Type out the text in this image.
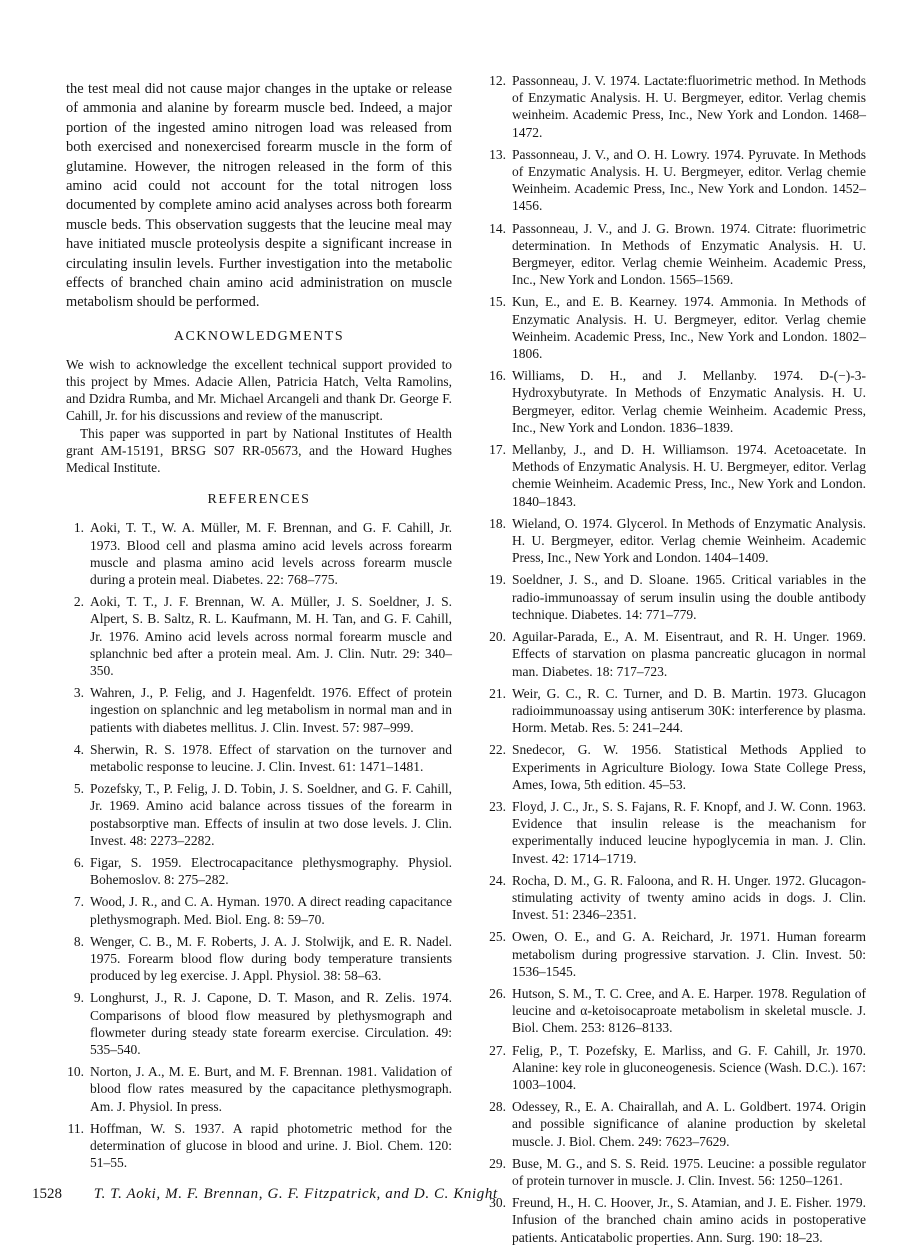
the test meal did not cause major changes in the uptake or release of ammonia and alanine by forearm muscle bed. Indeed, a major portion of the ingested amino nitrogen load was released from both exercised and nonexercised forearm muscle in the form of glutamine. However, the nitrogen released in the form of this amino acid could not account for the total nitrogen loss documented by complete amino acid analyses across both forearm muscle beds. This observation suggests that the leucine meal may have initiated muscle proteolysis despite a significant increase in circulating insulin levels. Further investigation into the metabolic effects of branched chain amino acid administration on muscle metabolism should be performed.

ACKNOWLEDGMENTS

We wish to acknowledge the excellent technical support provided to this project by Mmes. Adacie Allen, Patricia Hatch, Velta Ramolins, and Dzidra Rumba, and Mr. Michael Arcangeli and thank Dr. George F. Cahill, Jr. for his discussions and review of the manuscript.

This paper was supported in part by National Institutes of Health grant AM-15191, BRSG S07 RR-05673, and the Howard Hughes Medical Institute.

REFERENCES
1. Aoki, T. T., W. A. Müller, M. F. Brennan, and G. F. Cahill, Jr. 1973. Blood cell and plasma amino acid levels across forearm muscle and plasma amino acid levels across forearm muscle during a protein meal. Diabetes. 22: 768–775.
2. Aoki, T. T., J. F. Brennan, W. A. Müller, J. S. Soeldner, J. S. Alpert, S. B. Saltz, R. L. Kaufmann, M. H. Tan, and G. F. Cahill, Jr. 1976. Amino acid levels across normal forearm muscle and splanchnic bed after a protein meal. Am. J. Clin. Nutr. 29: 340–350.
3. Wahren, J., P. Felig, and J. Hagenfeldt. 1976. Effect of protein ingestion on splanchnic and leg metabolism in normal man and in patients with diabetes mellitus. J. Clin. Invest. 57: 987–999.
4. Sherwin, R. S. 1978. Effect of starvation on the turnover and metabolic response to leucine. J. Clin. Invest. 61: 1471–1481.
5. Pozefsky, T., P. Felig, J. D. Tobin, J. S. Soeldner, and G. F. Cahill, Jr. 1969. Amino acid balance across tissues of the forearm in postabsorptive man. Effects of insulin at two dose levels. J. Clin. Invest. 48: 2273–2282.
6. Figar, S. 1959. Electrocapacitance plethysmography. Physiol. Bohemoslov. 8: 275–282.
7. Wood, J. R., and C. A. Hyman. 1970. A direct reading capacitance plethysmograph. Med. Biol. Eng. 8: 59–70.
8. Wenger, C. B., M. F. Roberts, J. A. J. Stolwijk, and E. R. Nadel. 1975. Forearm blood flow during body temperature transients produced by leg exercise. J. Appl. Physiol. 38: 58–63.
9. Longhurst, J., R. J. Capone, D. T. Mason, and R. Zelis. 1974. Comparisons of blood flow measured by plethysmograph and flowmeter during steady state forearm exercise. Circulation. 49: 535–540.
10. Norton, J. A., M. E. Burt, and M. F. Brennan. 1981. Validation of blood flow rates measured by the capacitance plethysmograph. Am. J. Physiol. In press.
11. Hoffman, W. S. 1937. A rapid photometric method for the determination of glucose in blood and urine. J. Biol. Chem. 120: 51–55.
12. Passonneau, J. V. 1974. Lactate:fluorimetric method. In Methods of Enzymatic Analysis. H. U. Bergmeyer, editor. Verlag chemis weinheim. Academic Press, Inc., New York and London. 1468–1472.
13. Passonneau, J. V., and O. H. Lowry. 1974. Pyruvate. In Methods of Enzymatic Analysis. H. U. Bergmeyer, editor. Verlag chemie Weinheim. Academic Press, Inc., New York and London. 1452–1456.
14. Passonneau, J. V., and J. G. Brown. 1974. Citrate: fluorimetric determination. In Methods of Enzymatic Analysis. H. U. Bergmeyer, editor. Verlag chemie Weinheim. Academic Press, Inc., New York and London. 1565–1569.
15. Kun, E., and E. B. Kearney. 1974. Ammonia. In Methods of Enzymatic Analysis. H. U. Bergmeyer, editor. Verlag chemie Weinheim. Academic Press, Inc., New York and London. 1802–1806.
16. Williams, D. H., and J. Mellanby. 1974. D-(−)-3-Hydroxybutyrate. In Methods of Enzymatic Analysis. H. U. Bergmeyer, editor. Verlag chemie Weinheim. Academic Press, Inc., New York and London. 1836–1839.
17. Mellanby, J., and D. H. Williamson. 1974. Acetoacetate. In Methods of Enzymatic Analysis. H. U. Bergmeyer, editor. Verlag chemie Weinheim. Academic Press, Inc., New York and London. 1840–1843.
18. Wieland, O. 1974. Glycerol. In Methods of Enzymatic Analysis. H. U. Bergmeyer, editor. Verlag chemie Weinheim. Academic Press, Inc., New York and London. 1404–1409.
19. Soeldner, J. S., and D. Sloane. 1965. Critical variables in the radio-immunoassay of serum insulin using the double antibody technique. Diabetes. 14: 771–779.
20. Aguilar-Parada, E., A. M. Eisentraut, and R. H. Unger. 1969. Effects of starvation on plasma pancreatic glucagon in normal man. Diabetes. 18: 717–723.
21. Weir, G. C., R. C. Turner, and D. B. Martin. 1973. Glucagon radioimmunoassay using antiserum 30K: interference by plasma. Horm. Metab. Res. 5: 241–244.
22. Snedecor, G. W. 1956. Statistical Methods Applied to Experiments in Agriculture Biology. Iowa State College Press, Ames, Iowa, 5th edition. 45–53.
23. Floyd, J. C., Jr., S. S. Fajans, R. F. Knopf, and J. W. Conn. 1963. Evidence that insulin release is the meachanism for experimentally induced leucine hypoglycemia in man. J. Clin. Invest. 42: 1714–1719.
24. Rocha, D. M., G. R. Faloona, and R. H. Unger. 1972. Glucagon-stimulating activity of twenty amino acids in dogs. J. Clin. Invest. 51: 2346–2351.
25. Owen, O. E., and G. A. Reichard, Jr. 1971. Human forearm metabolism during progressive starvation. J. Clin. Invest. 50: 1536–1545.
26. Hutson, S. M., T. C. Cree, and A. E. Harper. 1978. Regulation of leucine and α-ketoisocaproate metabolism in skeletal muscle. J. Biol. Chem. 253: 8126–8133.
27. Felig, P., T. Pozefsky, E. Marliss, and G. F. Cahill, Jr. 1970. Alanine: key role in gluconeogenesis. Science (Wash. D.C.). 167: 1003–1004.
28. Odessey, R., E. A. Chairallah, and A. L. Goldbert. 1974. Origin and possible significance of alanine production by skeletal muscle. J. Biol. Chem. 249: 7623–7629.
29. Buse, M. G., and S. S. Reid. 1975. Leucine: a possible regulator of protein turnover in muscle. J. Clin. Invest. 56: 1250–1261.
30. Freund, H., H. C. Hoover, Jr., S. Atamian, and J. E. Fisher. 1979. Infusion of the branched chain amino acids in postoperative patients. Anticatabolic properties. Ann. Surg. 190: 18–23.
1528 T. T. Aoki, M. F. Brennan, G. F. Fitzpatrick, and D. C. Knight
